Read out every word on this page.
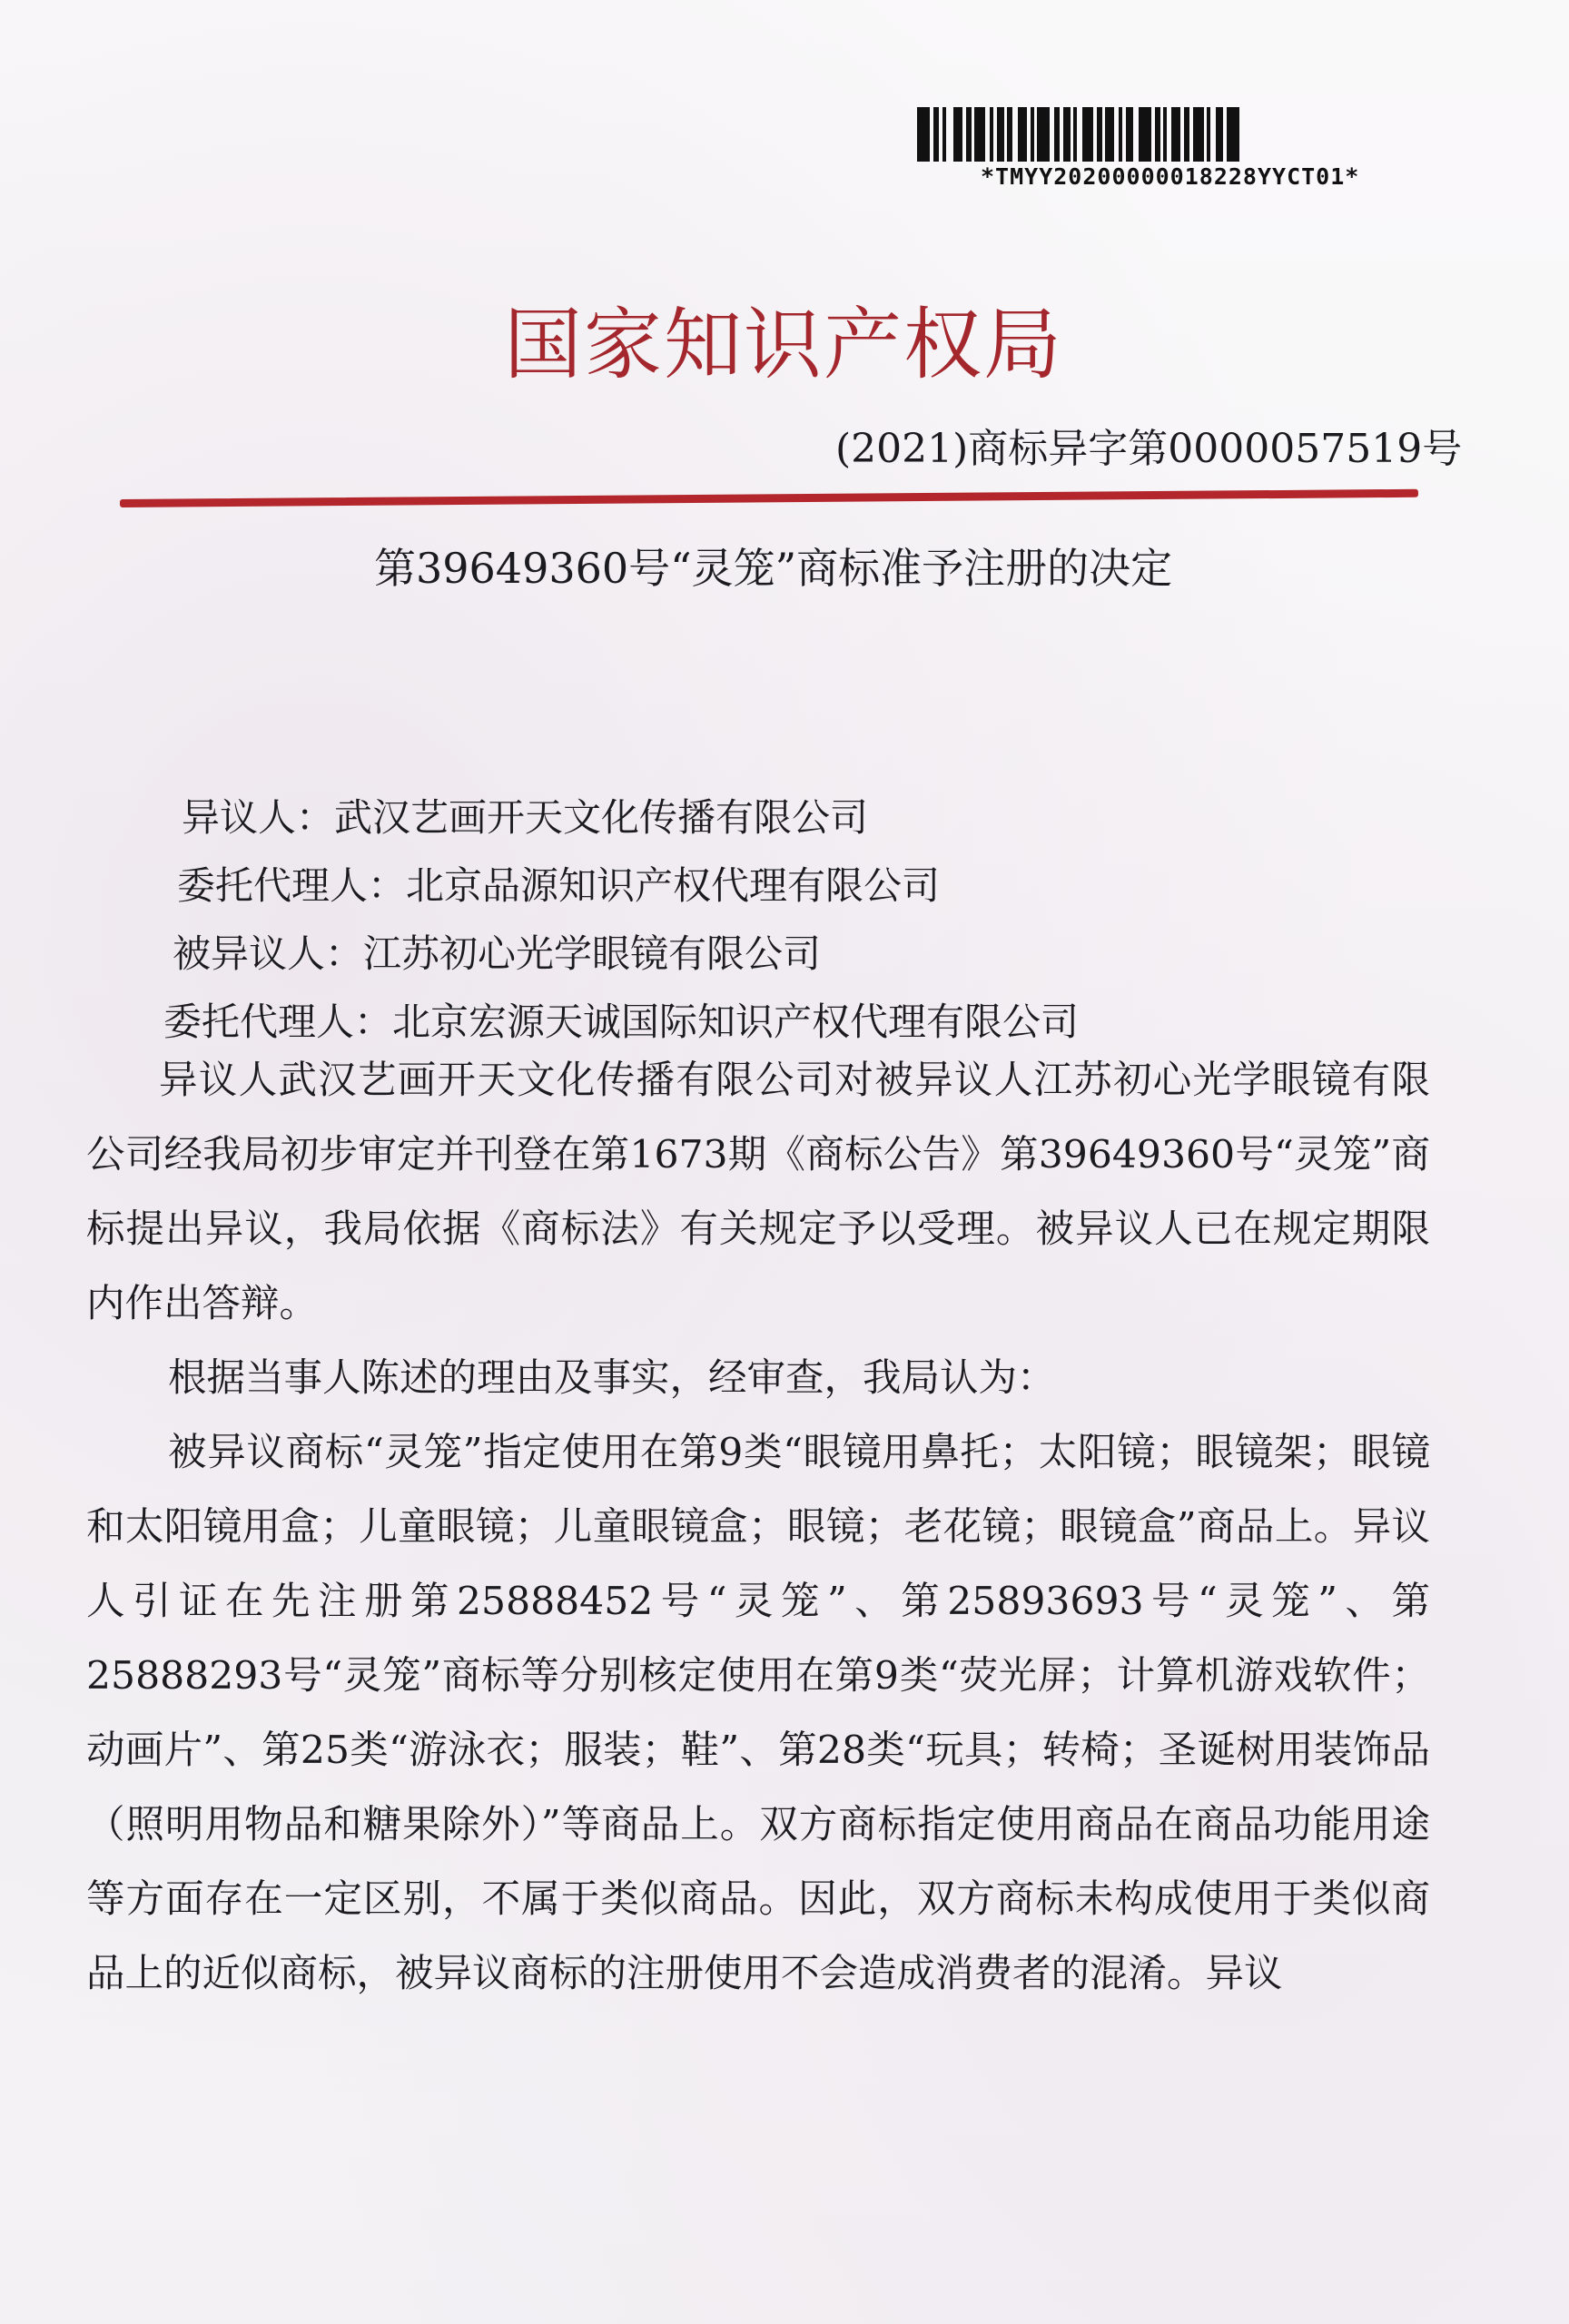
*TMYY20200000018228YYCT01*
国家知识产权局
(2021)商标异字第0000057519号
第39649360号“灵笼”商标准予注册的决定
异议人：武汉艺画开天文化传播有限公司
委托代理人：北京品源知识产权代理有限公司
被异议人：江苏初心光学眼镜有限公司
委托代理人：北京宏源天诚国际知识产权代理有限公司
异议人武汉艺画开天文化传播有限公司对被异议人江苏初心光学眼镜有限公司经我局初步审定并刊登在第1673期《商标公告》第39649360号“灵笼”商标提出异议，我局依据《商标法》有关规定予以受理。被异议人已在规定期限内作出答辩。
根据当事人陈述的理由及事实，经审查，我局认为：
被异议商标“灵笼”指定使用在第9类“眼镜用鼻托；太阳镜；眼镜架；眼镜和太阳镜用盒；儿童眼镜；儿童眼镜盒；眼镜；老花镜；眼镜盒”商品上。异议人引证在先注册第25888452号“灵笼”、第25893693号“灵笼”、第25888293号“灵笼”商标等分别核定使用在第9类“荧光屏；计算机游戏软件；动画片”、第25类“游泳衣；服装；鞋”、第28类“玩具；转椅；圣诞树用装饰品（照明用物品和糖果除外）”等商品上。双方商标指定使用商品在商品功能用途等方面存在一定区别，不属于类似商品。因此，双方商标未构成使用于类似商品上的近似商标，被异议商标的注册使用不会造成消费者的混淆。异议
